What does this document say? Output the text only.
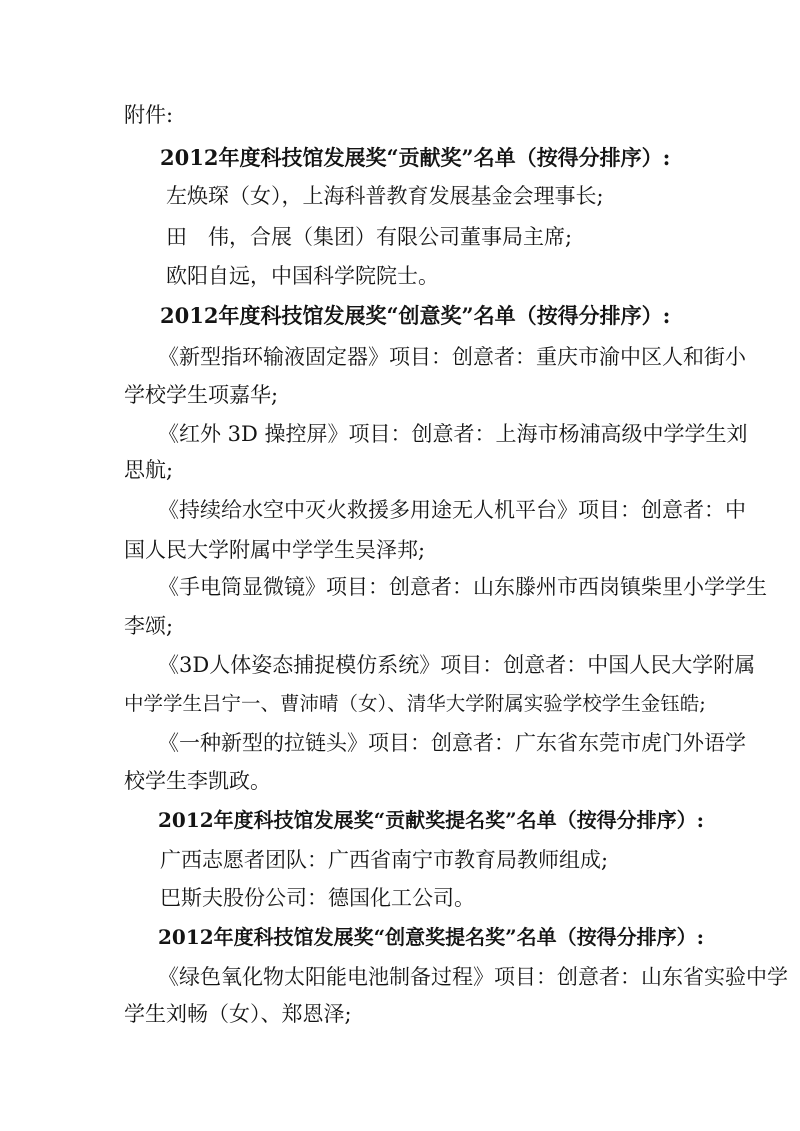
附件:
2012年度科技馆发展奖“贡献奖”名单（按得分排序）:
左焕琛（女），上海科普教育发展基金会理事长;
田　伟，合展（集团）有限公司董事局主席;
欧阳自远，中国科学院院士。
2012年度科技馆发展奖“创意奖”名单（按得分排序）:
《新型指环输液固定器》项目：创意者：重庆市渝中区人和街小
学校学生项嘉华;
《红外 3D 操控屏》项目：创意者：上海市杨浦高级中学学生刘
思航;
《持续给水空中灭火救援多用途无人机平台》项目：创意者：中
国人民大学附属中学学生吴泽邦;
《手电筒显微镜》项目：创意者：山东滕州市西岗镇柴里小学学生
李颂;
《3D人体姿态捕捉模仿系统》项目：创意者：中国人民大学附属
中学学生吕宁一、曹沛晴（女）、清华大学附属实验学校学生金钰皓;
《一种新型的拉链头》项目：创意者：广东省东莞市虎门外语学
校学生李凯政。
2012年度科技馆发展奖“贡献奖提名奖”名单（按得分排序）:
广西志愿者团队：广西省南宁市教育局教师组成;
巴斯夫股份公司：德国化工公司。
2012年度科技馆发展奖“创意奖提名奖”名单（按得分排序）:
《绿色氧化物太阳能电池制备过程》项目：创意者：山东省实验中学
学生刘畅（女）、郑恩泽;
